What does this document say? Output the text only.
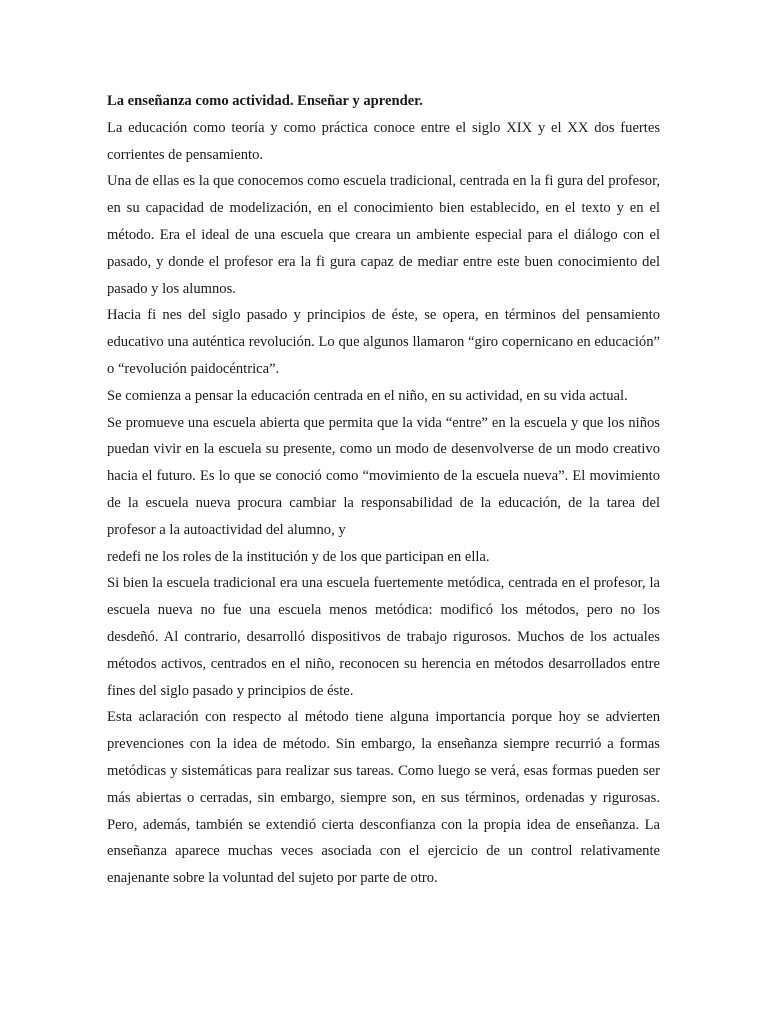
La enseñanza como actividad. Enseñar y aprender.

La educación como teoría y como práctica conoce entre el siglo XIX y el XX dos fuertes corrientes de pensamiento.

Una de ellas es la que conocemos como escuela tradicional, centrada en la fi gura del profesor, en su capacidad de modelización, en el conocimiento bien establecido, en el texto y en el método. Era el ideal de una escuela que creara un ambiente especial para el diálogo con el pasado, y donde el profesor era la fi gura capaz de mediar entre este buen conocimiento del pasado y los alumnos.

Hacia fi nes del siglo pasado y principios de éste, se opera, en términos del pensamiento educativo una auténtica revolución. Lo que algunos llamaron “giro copernicano en educación” o “revolución paidocéntrica”.

Se comienza a pensar la educación centrada en el niño, en su actividad, en su vida actual.

Se promueve una escuela abierta que permita que la vida “entre” en la escuela y que los niños puedan vivir en la escuela su presente, como un modo de desenvolverse de un modo creativo hacia el futuro. Es lo que se conoció como “movimiento de la escuela nueva”. El movimiento de la escuela nueva procura cambiar la responsabilidad de la educación, de la tarea del profesor a la autoactividad del alumno, y

redefi ne los roles de la institución y de los que participan en ella.

Si bien la escuela tradicional era una escuela fuertemente metódica, centrada en el profesor, la escuela nueva no fue una escuela menos metódica: modificó los métodos, pero no los desdeñó. Al contrario, desarrolló dispositivos de trabajo rigurosos. Muchos de los actuales métodos activos, centrados en el niño, reconocen su herencia en métodos desarrollados entre fines del siglo pasado y principios de éste.

Esta aclaración con respecto al método tiene alguna importancia porque hoy se advierten prevenciones con la idea de método. Sin embargo, la enseñanza siempre recurrió a formas metódicas y sistemáticas para realizar sus tareas. Como luego se verá, esas formas pueden ser más abiertas o cerradas, sin embargo, siempre son, en sus términos, ordenadas y rigurosas. Pero, además, también se extendió cierta desconfianza con la propia idea de enseñanza. La enseñanza aparece muchas veces asociada con el ejercicio de un control relativamente enajenante sobre la voluntad del sujeto por parte de otro.
